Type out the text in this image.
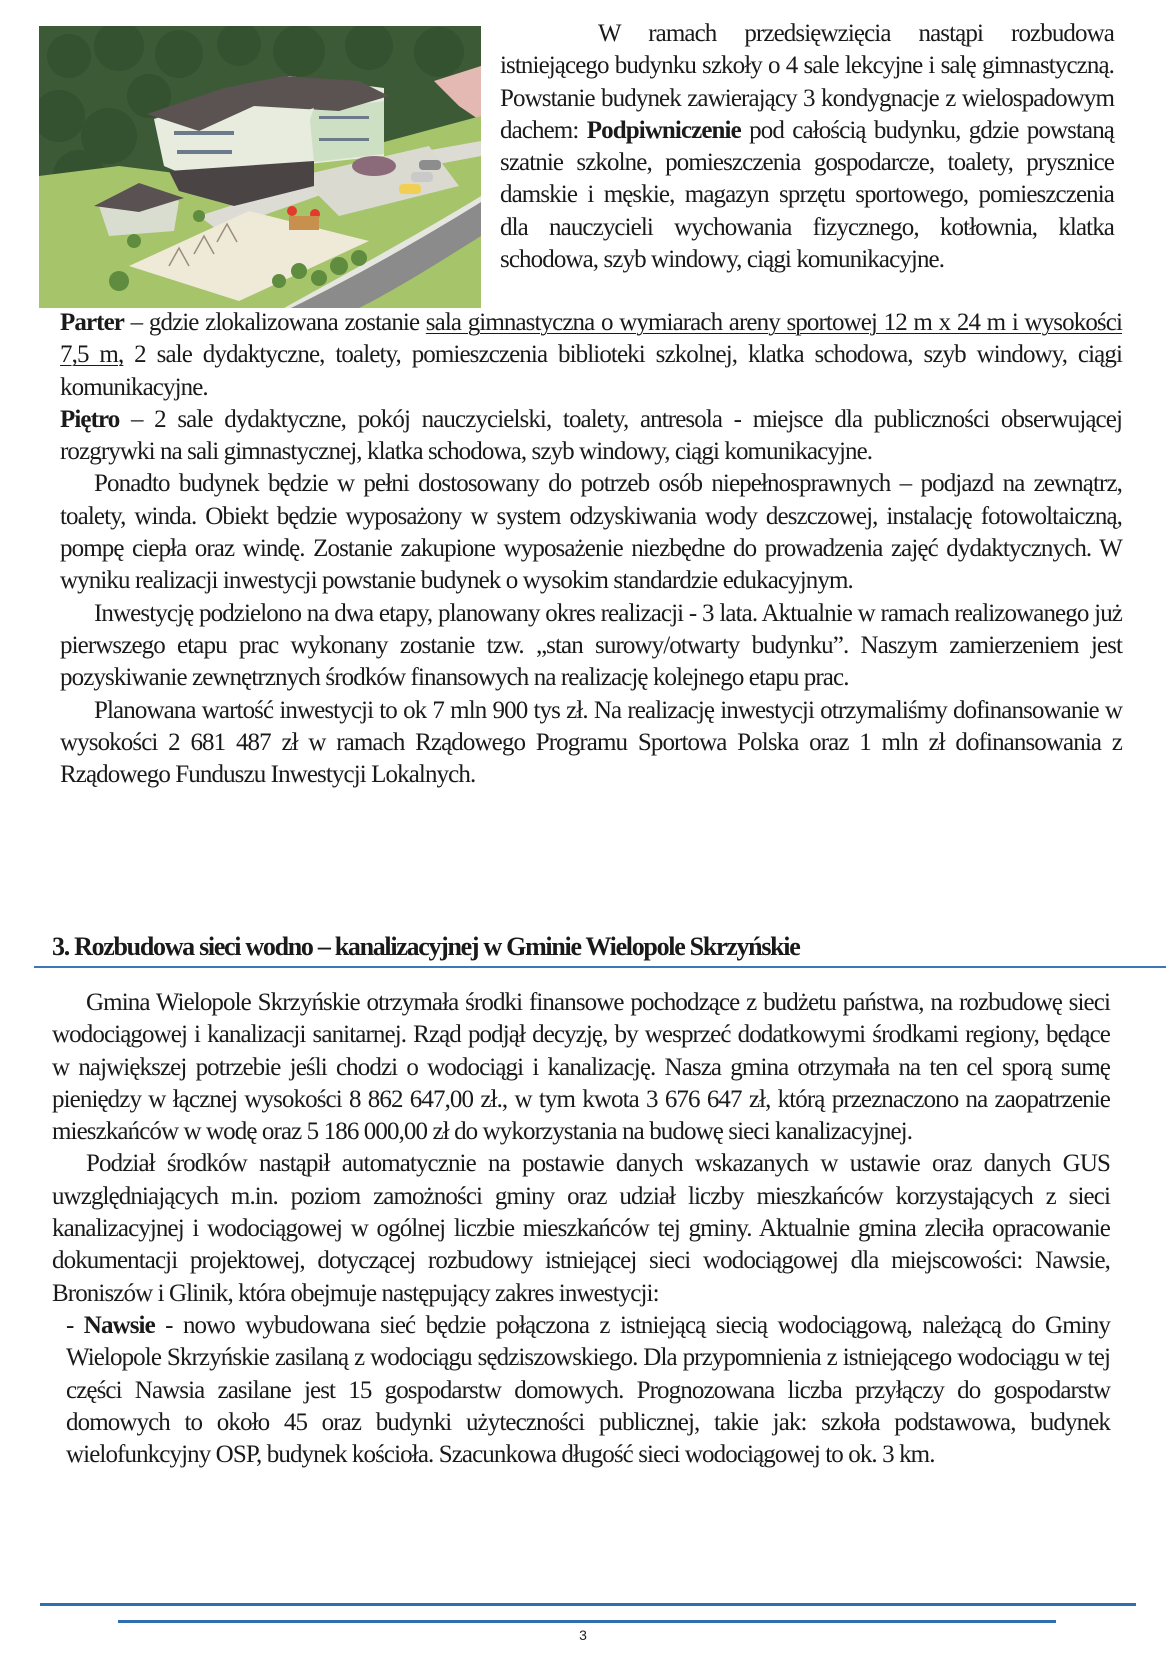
W ramach przedsięwzięcia nastąpi rozbudowa istniejącego budynku szkoły o 4 sale lekcyjne i salę gimnastyczną. Powstanie budynek zawierający 3 kondygnacje z wielospadowym dachem: Podpiwniczenie pod całością budynku, gdzie powstaną szatnie szkolne, pomieszczenia gospodarcze, toalety, prysznice damskie i męskie, magazyn sprzętu sportowego, pomieszczenia dla nauczycieli wychowania fizycznego, kotłownia, klatka schodowa, szyb windowy, ciągi komunikacyjne.

Parter – gdzie zlokalizowana zostanie sala gimnastyczna o wymiarach areny sportowej 12 m x 24 m i wysokości 7,5 m, 2 sale dydaktyczne, toalety, pomieszczenia biblioteki szkolnej, klatka schodowa, szyb windowy, ciągi komunikacyjne.

Piętro – 2 sale dydaktyczne, pokój nauczycielski, toalety, antresola - miejsce dla publiczności obserwującej rozgrywki na sali gimnastycznej, klatka schodowa, szyb windowy, ciągi komunikacyjne.

Ponadto budynek będzie w pełni dostosowany do potrzeb osób niepełnosprawnych – podjazd na zewnątrz, toalety, winda. Obiekt będzie wyposażony w system odzyskiwania wody deszczowej, instalację fotowoltaiczną, pompę ciepła oraz windę. Zostanie zakupione wyposażenie niezbędne do prowadzenia zajęć dydaktycznych. W wyniku realizacji inwestycji powstanie budynek o wysokim standardzie edukacyjnym.

Inwestycję podzielono na dwa etapy, planowany okres realizacji - 3 lata. Aktualnie w ramach realizowanego już pierwszego etapu prac wykonany zostanie tzw. „stan surowy/otwarty budynku”. Naszym zamierzeniem jest pozyskiwanie zewnętrznych środków finansowych na realizację kolejnego etapu prac.

Planowana wartość inwestycji to ok 7 mln 900 tys zł. Na realizację inwestycji otrzymaliśmy dofinansowanie w wysokości 2 681 487 zł w ramach Rządowego Programu Sportowa Polska oraz 1 mln zł dofinansowania z Rządowego Funduszu Inwestycji Lokalnych.

3. Rozbudowa sieci wodno – kanalizacyjnej w Gminie Wielopole Skrzyńskie

Gmina Wielopole Skrzyńskie otrzymała środki finansowe pochodzące z budżetu państwa, na rozbudowę sieci wodociągowej i kanalizacji sanitarnej. Rząd podjął decyzję, by wesprzeć dodatkowymi środkami regiony, będące w największej potrzebie jeśli chodzi o wodociągi i kanalizację. Nasza gmina otrzymała na ten cel sporą sumę pieniędzy w łącznej wysokości 8 862 647,00 zł., w tym kwota 3 676 647 zł, którą przeznaczono na zaopatrzenie mieszkańców w wodę oraz 5 186 000,00 zł do wykorzystania na budowę sieci kanalizacyjnej.

Podział środków nastąpił automatycznie na postawie danych wskazanych w ustawie oraz danych GUS uwzględniających m.in. poziom zamożności gminy oraz udział liczby mieszkańców korzystających z sieci kanalizacyjnej i wodociągowej w ogólnej liczbie mieszkańców tej gminy. Aktualnie gmina zleciła opracowanie dokumentacji projektowej, dotyczącej rozbudowy istniejącej sieci wodociągowej dla miejscowości: Nawsie, Broniszów i Glinik, która obejmuje następujący zakres inwestycji:

- Nawsie - nowo wybudowana sieć będzie połączona z istniejącą siecią wodociągową, należącą do Gminy Wielopole Skrzyńskie zasilaną z wodociągu sędziszowskiego. Dla przypomnienia z istniejącego wodociągu w tej części Nawsia zasilane jest 15 gospodarstw domowych. Prognozowana liczba przyłączy do gospodarstw domowych to około 45 oraz budynki użyteczności publicznej, takie jak: szkoła podstawowa, budynek wielofunkcyjny OSP, budynek kościoła. Szacunkowa długość sieci wodociągowej to ok. 3 km.

3
